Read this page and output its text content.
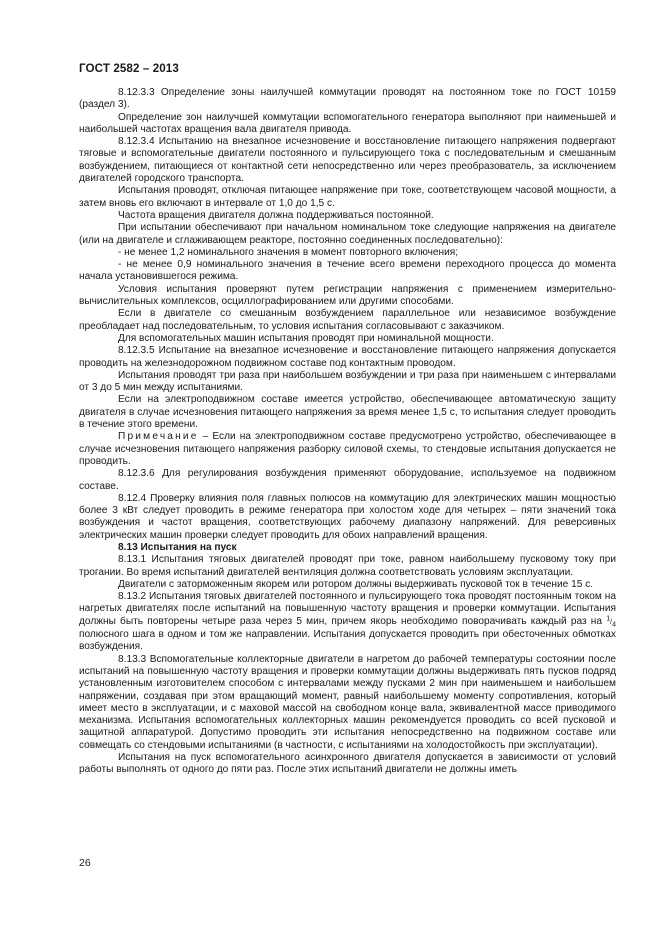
ГОСТ 2582 – 2013

8.12.3.3 Определение зоны наилучшей коммутации проводят на постоянном токе по ГОСТ 10159 (раздел 3).

Определение зон наилучшей коммутации вспомогательного генератора выполняют при наименьшей и наибольшей частотах вращения вала двигателя привода.

8.12.3.4 Испытанию на внезапное исчезновение и восстановление питающего напряжения подвергают тяговые и вспомогательные двигатели постоянного и пульсирующего тока с последовательным и смешанным возбуждением, питающиеся от контактной сети непосредственно или через преобразователь, за исключением двигателей городского транспорта.

Испытания проводят, отключая питающее напряжение при токе, соответствующем часовой мощности, а затем вновь его включают в интервале от 1,0 до 1,5 с.

Частота вращения двигателя должна поддерживаться постоянной.

При испытании обеспечивают при начальном номинальном токе следующие напряжения на двигателе (или на двигателе и сглаживающем реакторе, постоянно соединенных последовательно):

- не менее 1,2 номинального значения в момент повторного включения;

- не менее 0,9 номинального значения в течение всего времени переходного процесса до момента начала установившегося режима.

Условия испытания проверяют путем регистрации напряжения с применением измерительно-вычислительных комплексов, осциллографированием или другими способами.

Если в двигателе со смешанным возбуждением параллельное или независимое возбуждение преобладает над последовательным, то условия испытания согласовывают с заказчиком.

Для вспомогательных машин испытания проводят при номинальной мощности.

8.12.3.5 Испытание на внезапное исчезновение и восстановление питающего напряжения допускается проводить на железнодорожном подвижном составе под контактным проводом.

Испытания проводят три раза при наибольшем возбуждении и три раза при наименьшем с интервалами от 3 до 5 мин между испытаниями.

Если на электроподвижном составе имеется устройство, обеспечивающее автоматическую защиту двигателя в случае исчезновения питающего напряжения за время менее 1,5 с, то испытания следует проводить в течение этого времени.

Примечание – Если на электроподвижном составе предусмотрено устройство, обеспечивающее в случае исчезновения питающего напряжения разборку силовой схемы, то стендовые испытания допускается не проводить.

8.12.3.6 Для регулирования возбуждения применяют оборудование, используемое на подвижном составе.

8.12.4 Проверку влияния поля главных полюсов на коммутацию для электрических машин мощностью более 3 кВт следует проводить в режиме генератора при холостом ходе для четырех – пяти значений тока возбуждения и частот вращения, соответствующих рабочему диапазону напряжений. Для реверсивных электрических машин проверки следует проводить для обоих направлений вращения.

8.13 Испытания на пуск

8.13.1 Испытания тяговых двигателей проводят при токе, равном наибольшему пусковому току при трогании. Во время испытаний двигателей вентиляция должна соответствовать условиям эксплуатации.

Двигатели с заторможенным якорем или ротором должны выдерживать пусковой ток в течение 15 с.

8.13.2 Испытания тяговых двигателей постоянного и пульсирующего тока проводят постоянным током на нагретых двигателях после испытаний на повышенную частоту вращения и проверки коммутации. Испытания должны быть повторены четыре раза через 5 мин, причем якорь необходимо поворачивать каждый раз на $^1/_4$ полюсного шага в одном и том же направлении. Испытания допускается проводить при обесточенных обмотках возбуждения.

8.13.3 Вспомогательные коллекторные двигатели в нагретом до рабочей температуры состоянии после испытаний на повышенную частоту вращения и проверки коммутации должны выдерживать пять пусков подряд установленным изготовителем способом с интервалами между пусками 2 мин при наименьшем и наибольшем напряжении, создавая при этом вращающий момент, равный наибольшему моменту сопротивления, который имеет место в эксплуатации, и с маховой массой на свободном конце вала, эквивалентной массе приводимого механизма. Испытания вспомогательных коллекторных машин рекомендуется проводить со всей пусковой и защитной аппаратурой. Допустимо проводить эти испытания непосредственно на подвижном составе или совмещать со стендовыми испытаниями (в частности, с испытаниями на холодостойкость при эксплуатации).

Испытания на пуск вспомогательного асинхронного двигателя допускается в зависимости от условий работы выполнять от одного до пяти раз. После этих испытаний двигатели не должны иметь

26
